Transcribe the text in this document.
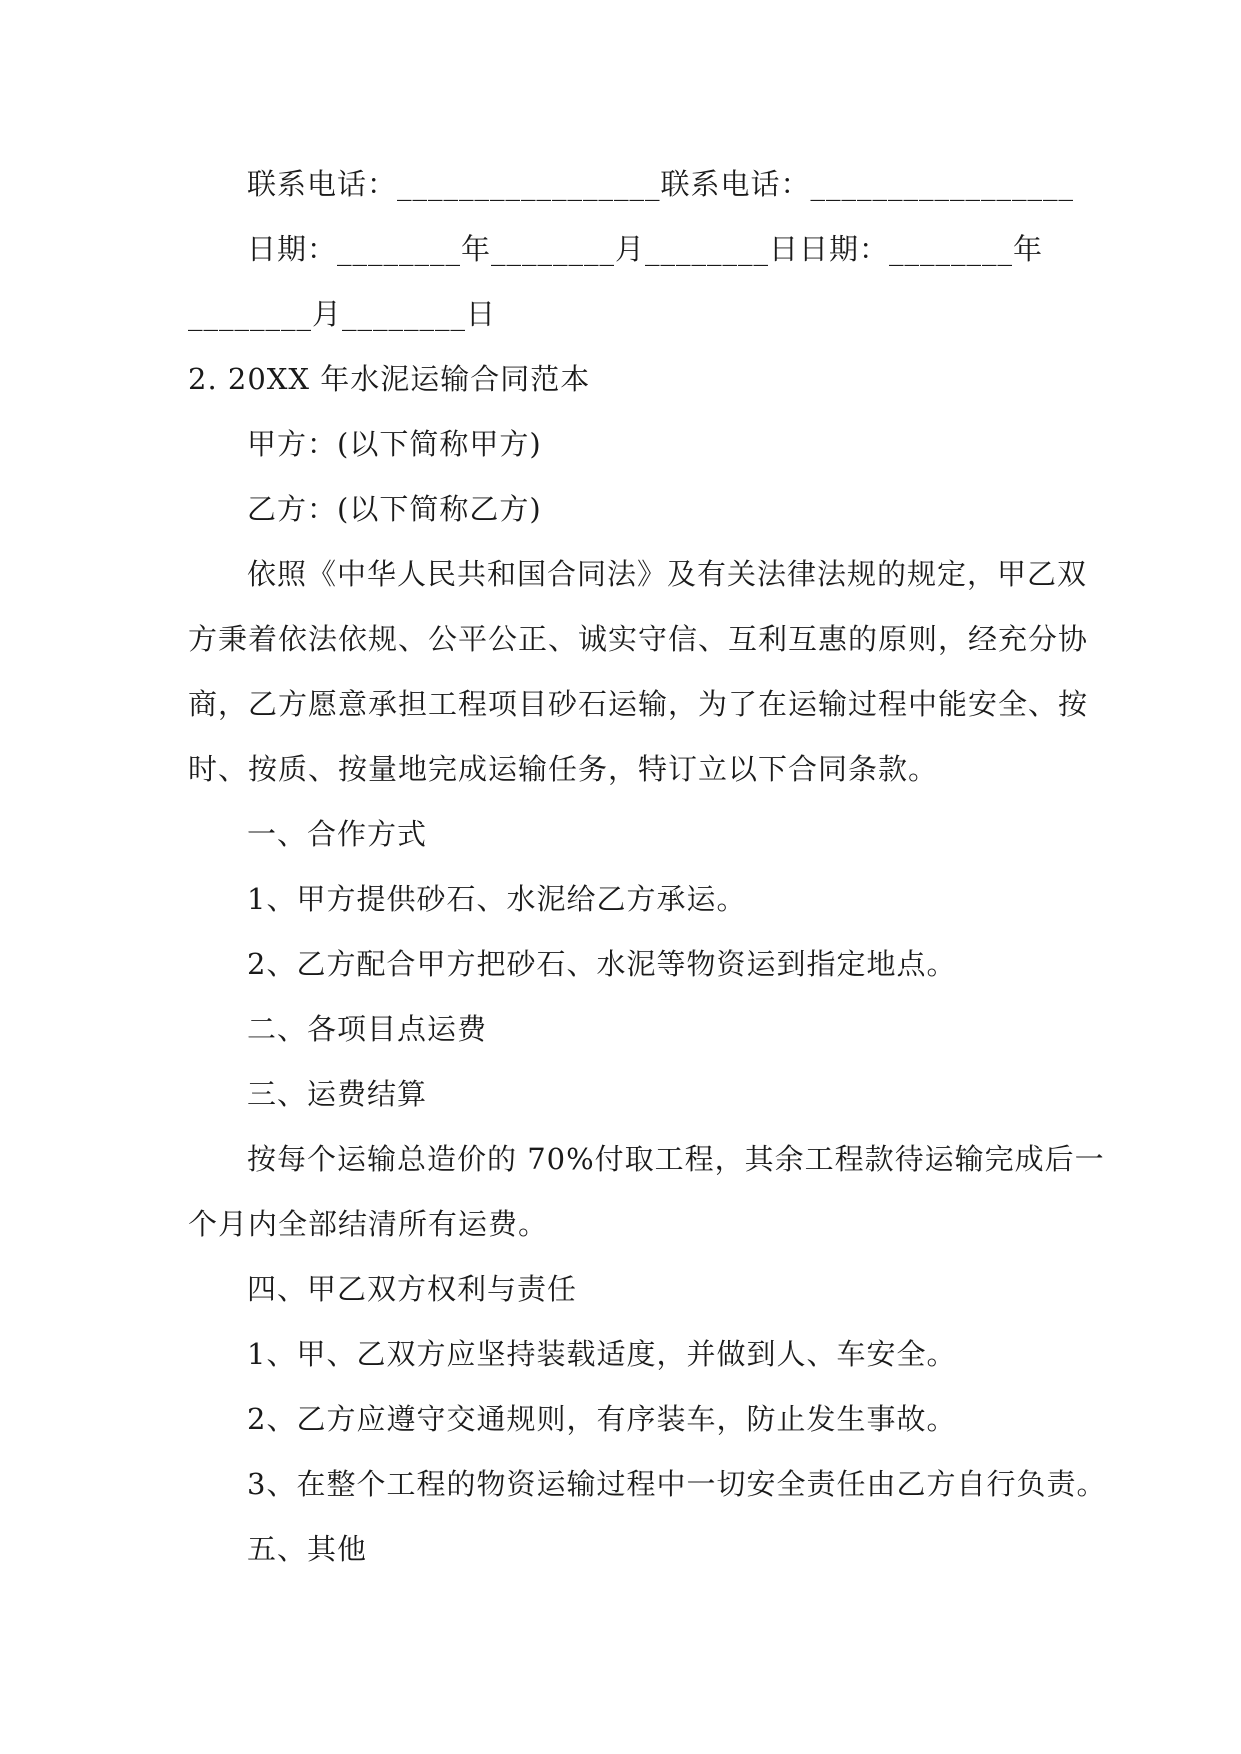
联系电话：_________________联系电话：_________________
日期：________年________月________日日期：________年
________月________日
2. 20XX 年水泥运输合同范本
甲方：(以下简称甲方)
乙方：(以下简称乙方)
依照《中华人民共和国合同法》及有关法律法规的规定，甲乙双
方秉着依法依规、公平公正、诚实守信、互利互惠的原则，经充分协
商，乙方愿意承担工程项目砂石运输，为了在运输过程中能安全、按
时、按质、按量地完成运输任务，特订立以下合同条款。
一、合作方式
1、甲方提供砂石、水泥给乙方承运。
2、乙方配合甲方把砂石、水泥等物资运到指定地点。
二、各项目点运费
三、运费结算
按每个运输总造价的 70%付取工程，其余工程款待运输完成后一
个月内全部结清所有运费。
四、甲乙双方权利与责任
1、甲、乙双方应坚持装载适度，并做到人、车安全。
2、乙方应遵守交通规则，有序装车，防止发生事故。
3、在整个工程的物资运输过程中一切安全责任由乙方自行负责。
五、其他
